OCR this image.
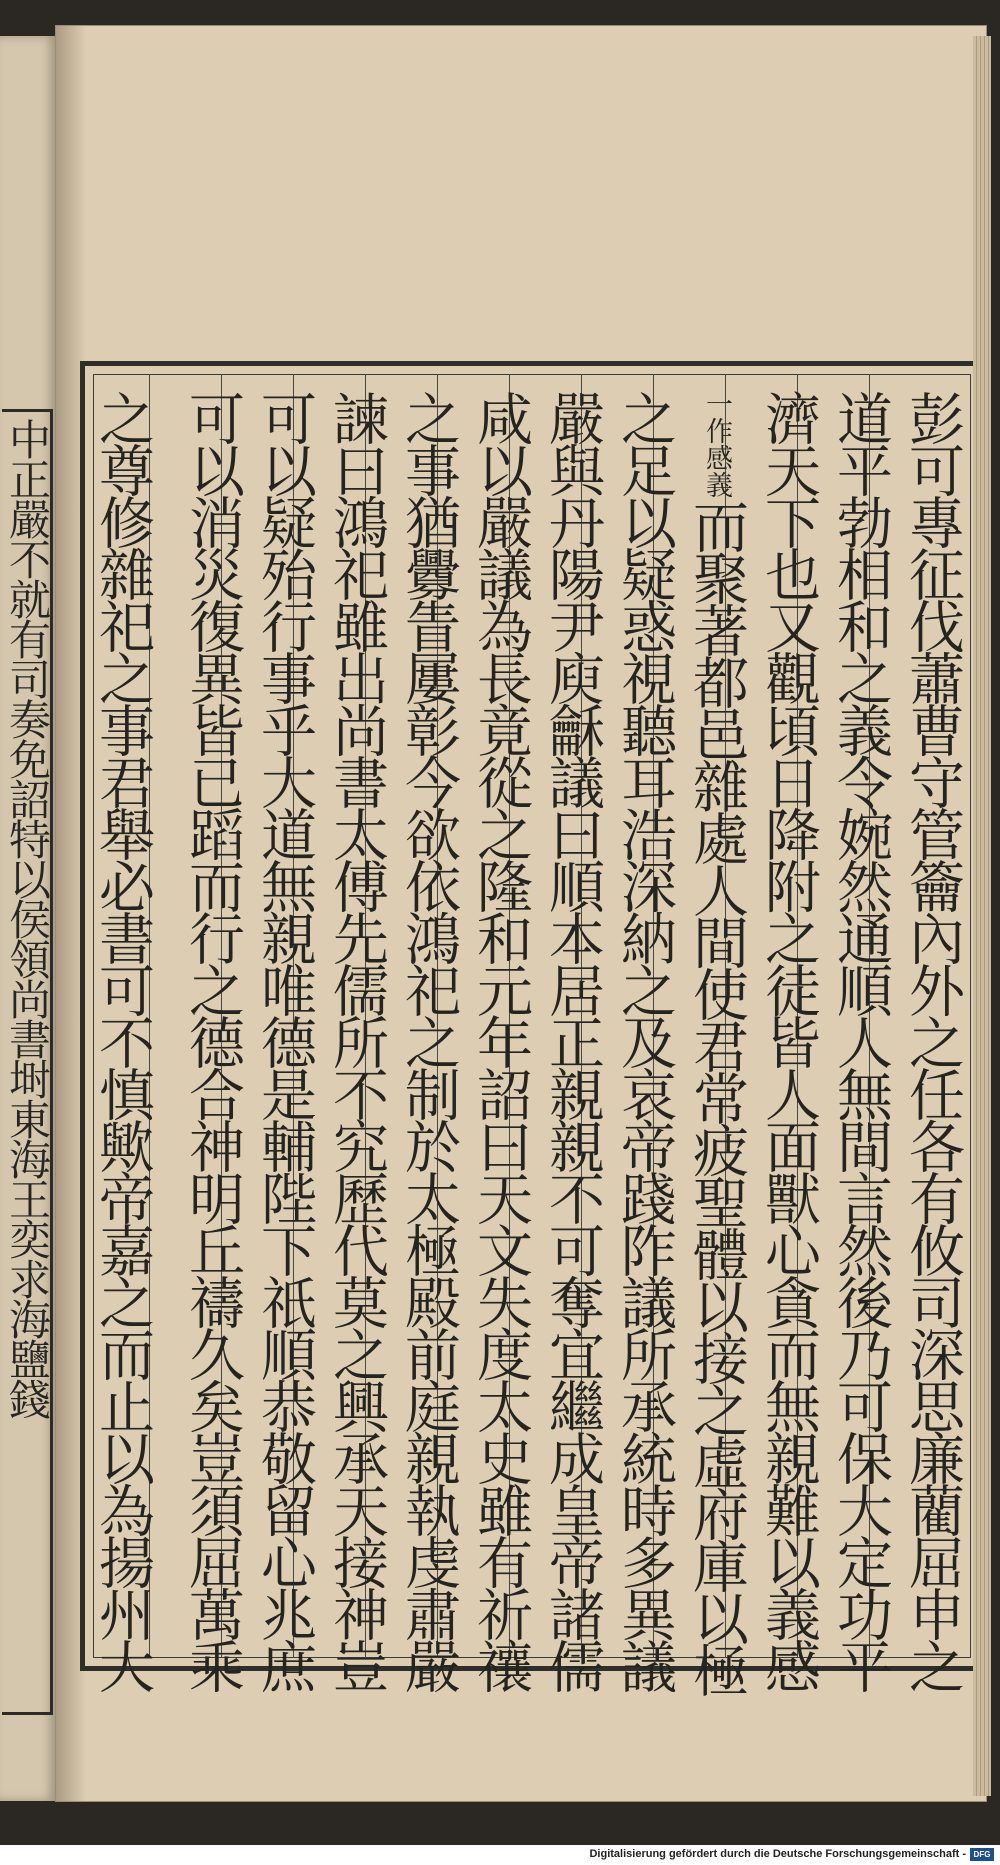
中正嚴不就有司奏免詔特以侯領尚書埘東海王奕求海鹽錢	彭可專征伐蕭曹守管籥內外之任各有攸司深思廉藺屈申之
道平勃相和之義令婉然通順人無間言然後乃可保大定功平
濟天下也又觀頃日降附之徒皆人面獸心貪而無親難以義感
一作感義而聚著都邑雜處人間使君常疲聖體以接之虛府庫以極
之足以疑惑視聽耳浩深納之及哀帝踐阼議所承統時多異議
嚴與丹陽尹庾龢議曰順本居正親親不可奪宜繼成皇帝諸儒
咸以嚴議為長竟從之隆和元年詔曰天文失度太史雖有祈禳
之事猶釁眚屢彰今欲依鴻祀之制於太極殿前庭親執虔肅嚴
諫曰鴻祀雖出尚書太傅先儒所不究歷代莫之興承天接神豈
可以疑殆行事乎大道無親唯德是輔陛下祇順恭敬留心兆庶
可以消災復異皆已蹈而行之德合神明丘禱久矣豈須屈萬乘
之尊修雜祀之事君舉必書可不慎歟帝嘉之而止以為揚州大
Digitalisierung gefördert durch die Deutsche Forschungsgemeinschaft - DFG
